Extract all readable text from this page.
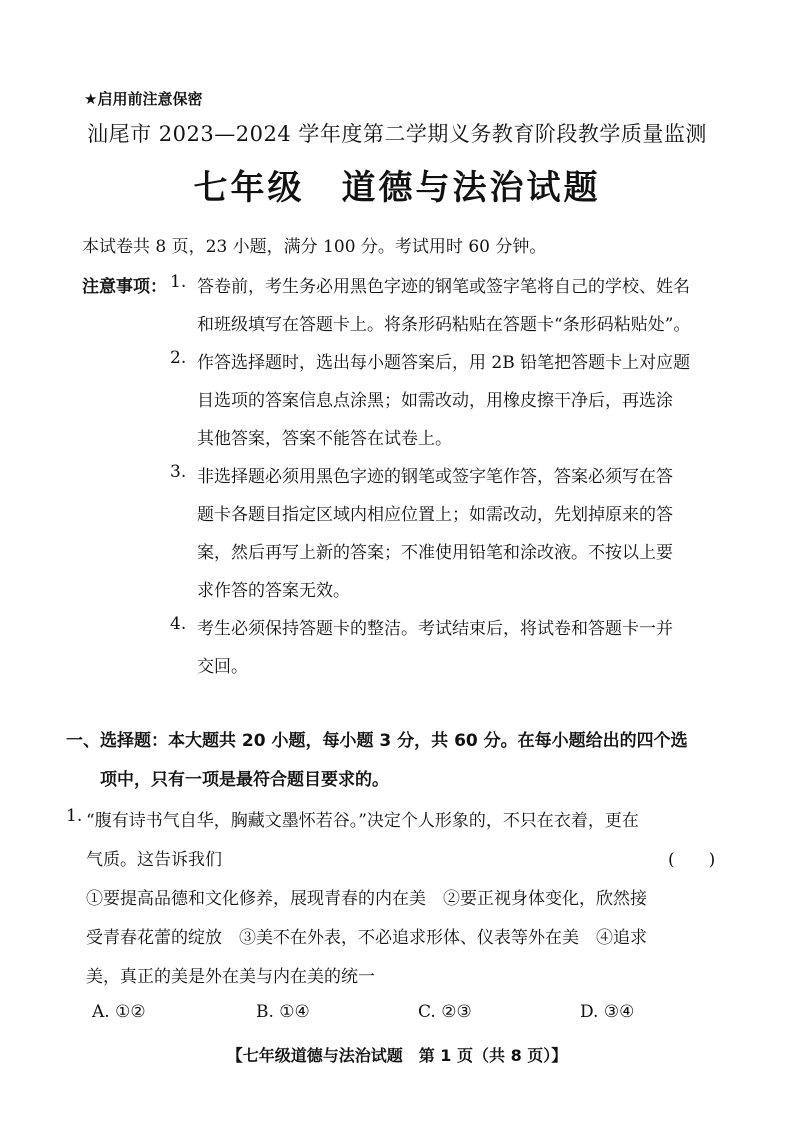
★启用前注意保密
汕尾市 2023—2024 学年度第二学期义务教育阶段教学质量监测
七年级　道德与法治试题
本试卷共 8 页，23 小题，满分 100 分。考试用时 60 分钟。
注意事项： 1. 答卷前，考生务必用黑色字迹的钢笔或签字笔将自己的学校、姓名
和班级填写在答题卡上。将条形码粘贴在答题卡“条形码粘贴处”。
2. 作答选择题时，选出每小题答案后，用 2B 铅笔把答题卡上对应题
目选项的答案信息点涂黑；如需改动，用橡皮擦干净后，再选涂
其他答案，答案不能答在试卷上。
3. 非选择题必须用黑色字迹的钢笔或签字笔作答，答案必须写在答
题卡各题目指定区域内相应位置上；如需改动，先划掉原来的答
案，然后再写上新的答案；不准使用铅笔和涂改液。不按以上要
求作答的答案无效。
4. 考生必须保持答题卡的整洁。考试结束后，将试卷和答题卡一并
交回。
一、选择题：本大题共 20 小题，每小题 3 分，共 60 分。在每小题给出的四个选
项中，只有一项是最符合题目要求的。
1. “腹有诗书气自华，胸藏文墨怀若谷。”决定个人形象的，不只在衣着，更在
气质。这告诉我们	(　　)
①要提高品德和文化修养，展现青春的内在美　②要正视身体变化，欣然接
受青春花蕾的绽放　③美不在外表，不必追求形体、仪表等外在美　④追求
美，真正的美是外在美与内在美的统一
A. ①②	B. ①④	C. ②③	D. ③④
【七年级道德与法治试题　第 1 页（共 8 页）】
